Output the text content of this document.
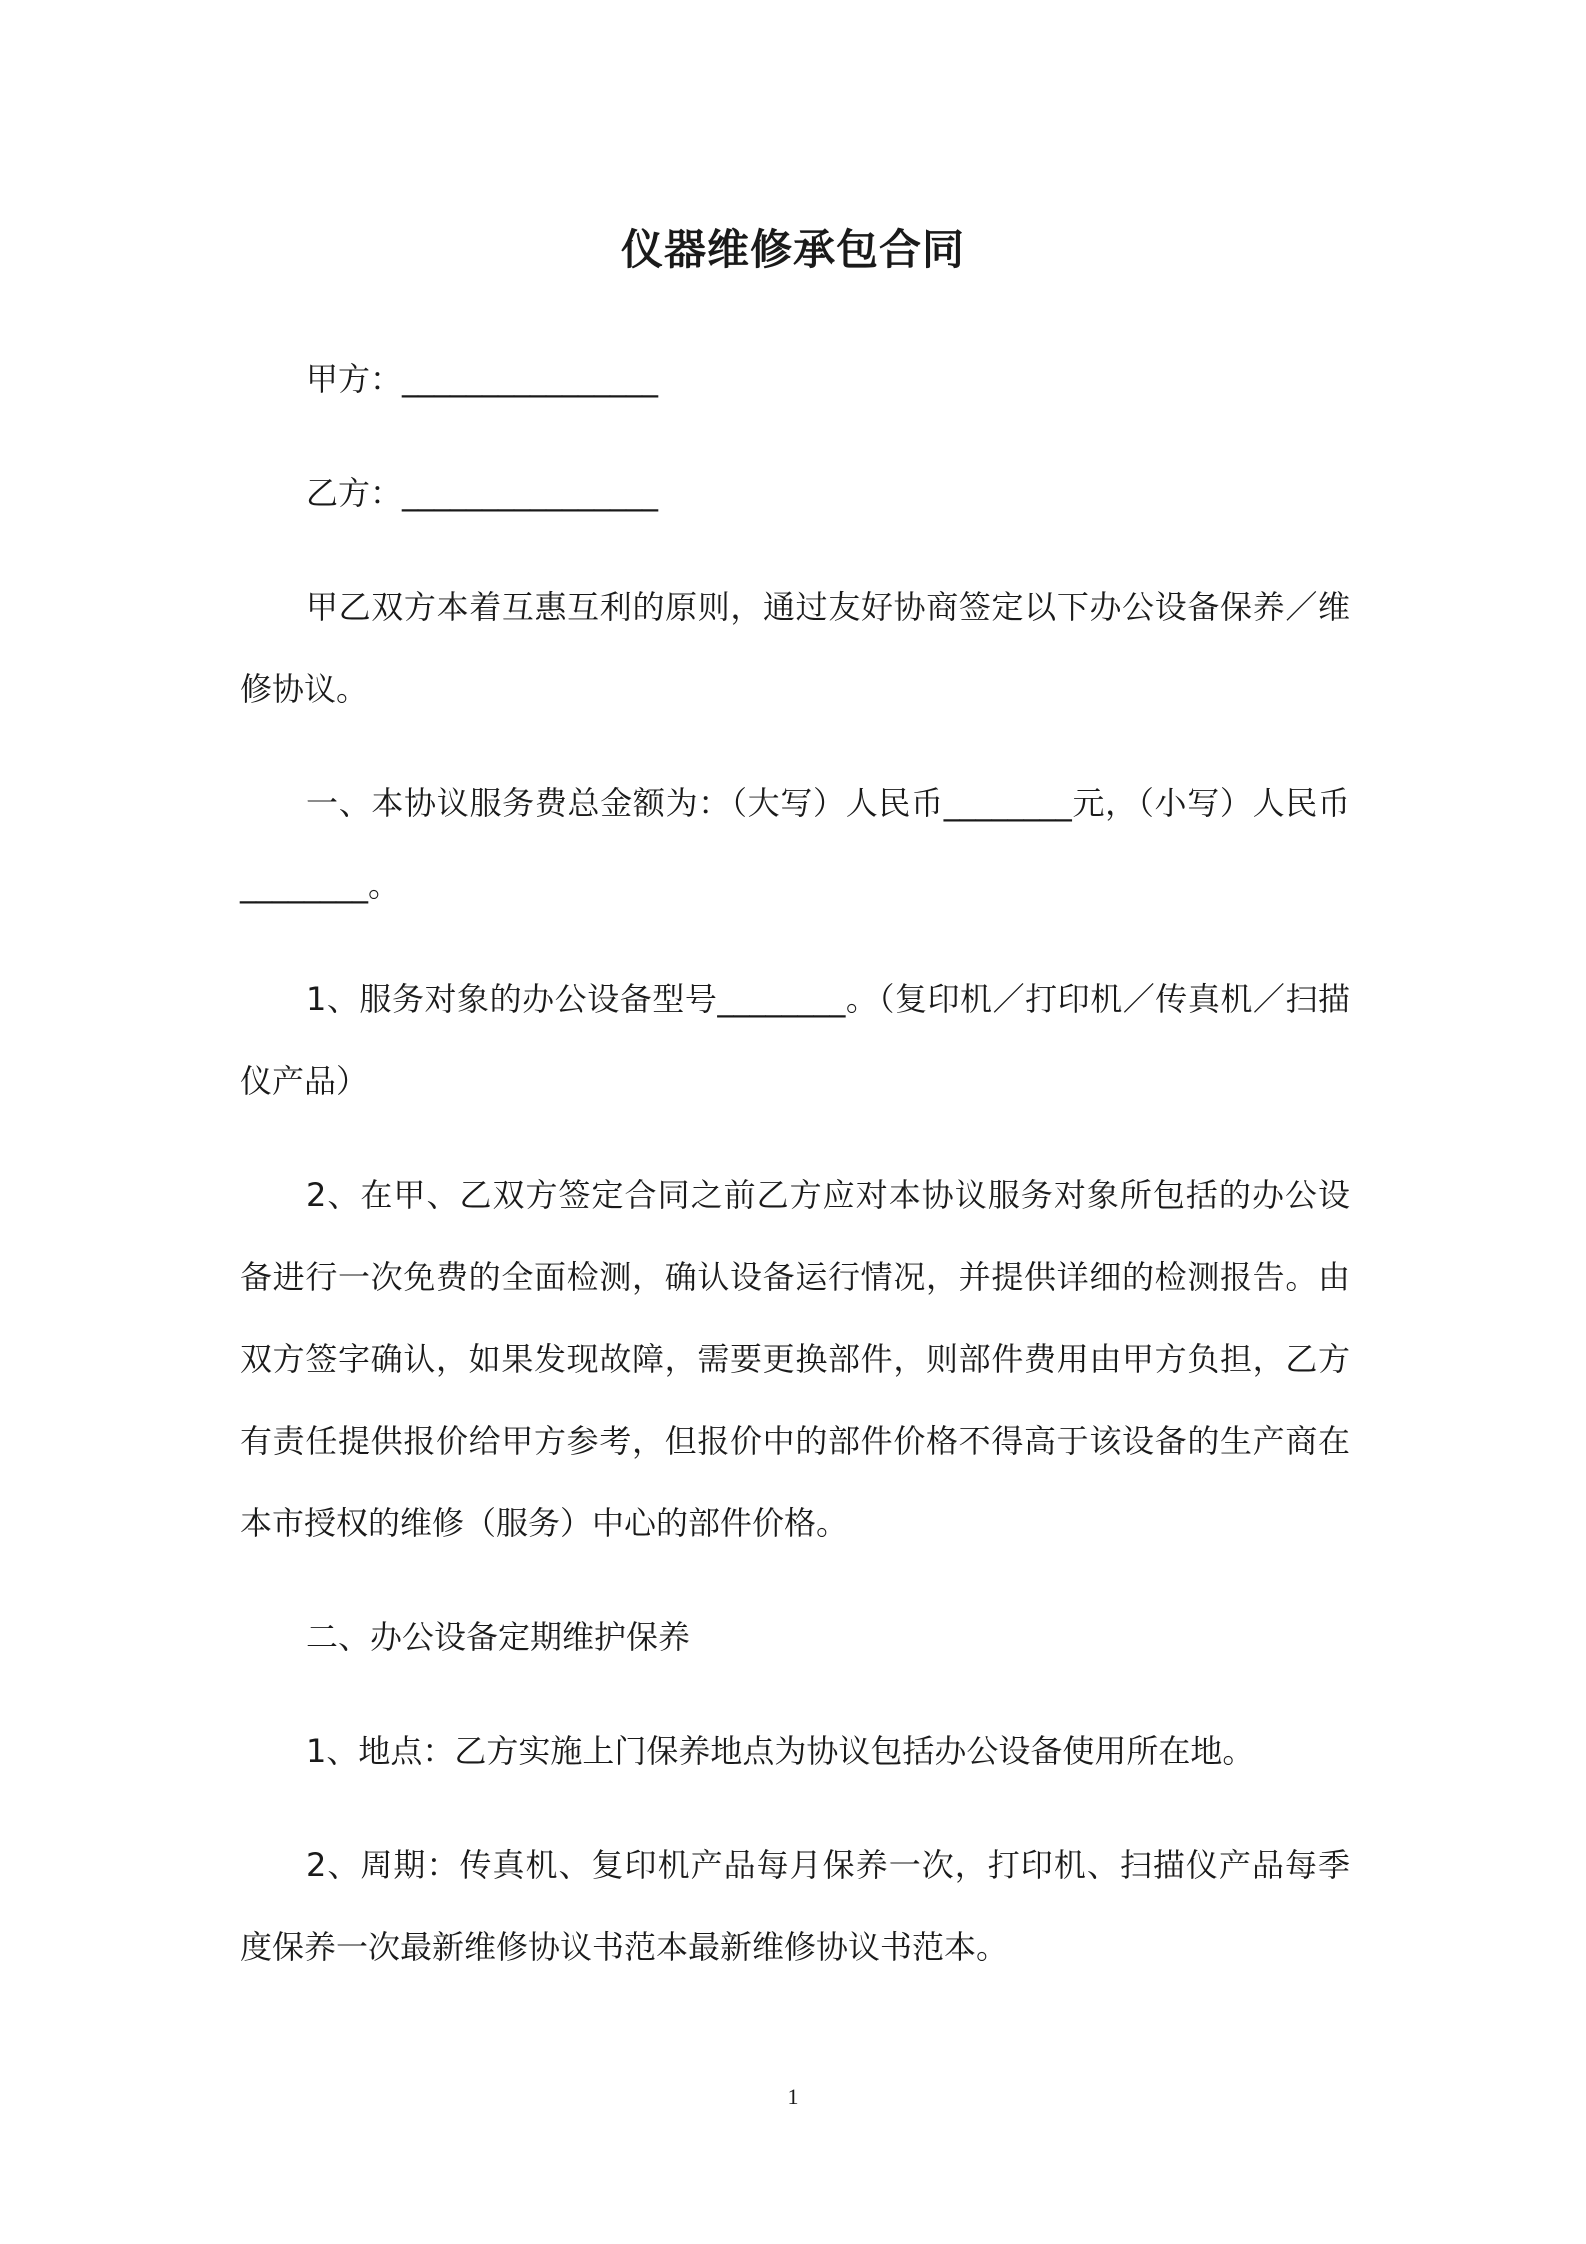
仪器维修承包合同

甲方：________________

乙方：________________

甲乙双方本着互惠互利的原则，通过友好协商签定以下办公设备保养／维修协议。

一、本协议服务费总金额为：（大写）人民币________元，（小写）人民币________。

1、服务对象的办公设备型号________。（复印机／打印机／传真机／扫描仪产品）

2、在甲、乙双方签定合同之前乙方应对本协议服务对象所包括的办公设备进行一次免费的全面检测，确认设备运行情况，并提供详细的检测报告。由双方签字确认，如果发现故障，需要更换部件，则部件费用由甲方负担，乙方有责任提供报价给甲方参考，但报价中的部件价格不得高于该设备的生产商在本市授权的维修（服务）中心的部件价格。

二、办公设备定期维护保养

1、地点：乙方实施上门保养地点为协议包括办公设备使用所在地。

2、周期：传真机、复印机产品每月保养一次，打印机、扫描仪产品每季度保养一次最新维修协议书范本最新维修协议书范本。

1
